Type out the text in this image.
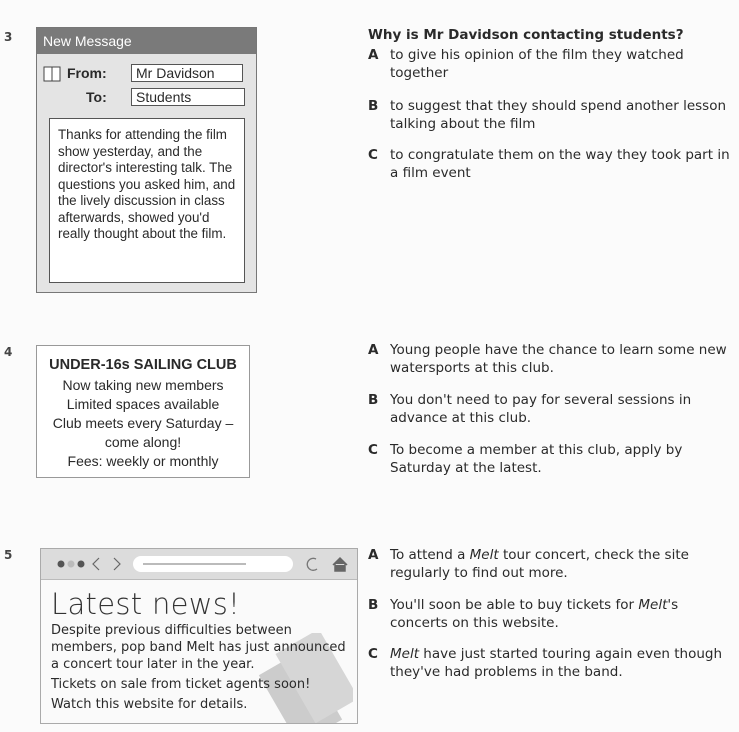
3	New Message
From:	Mr Davidson
To:	Students
Thanks for attending the film show yesterday, and the director's interesting talk. The questions you asked him, and the lively discussion in class afterwards, showed you'd really thought about the film.
Why is Mr Davidson contacting students?
A to give his opinion of the film they watched together
B to suggest that they should spend another lesson talking about the film
C to congratulate them on the way they took part in a film event
4
UNDER-16s SAILING CLUB
Now taking new members
Limited spaces available
Club meets every Saturday –
come along!
Fees: weekly or monthly
A Young people have the chance to learn some new watersports at this club.
B You don't need to pay for several sessions in advance at this club.
C To become a member at this club, apply by Saturday at the latest.
5
Latest news!
Despite previous difficulties between members, pop band Melt has just announced a concert tour later in the year.
Tickets on sale from ticket agents soon!
Watch this website for details.
A To attend a Melt tour concert, check the site regularly to find out more.
B You'll soon be able to buy tickets for Melt's concerts on this website.
C Melt have just started touring again even though they've had problems in the band.
